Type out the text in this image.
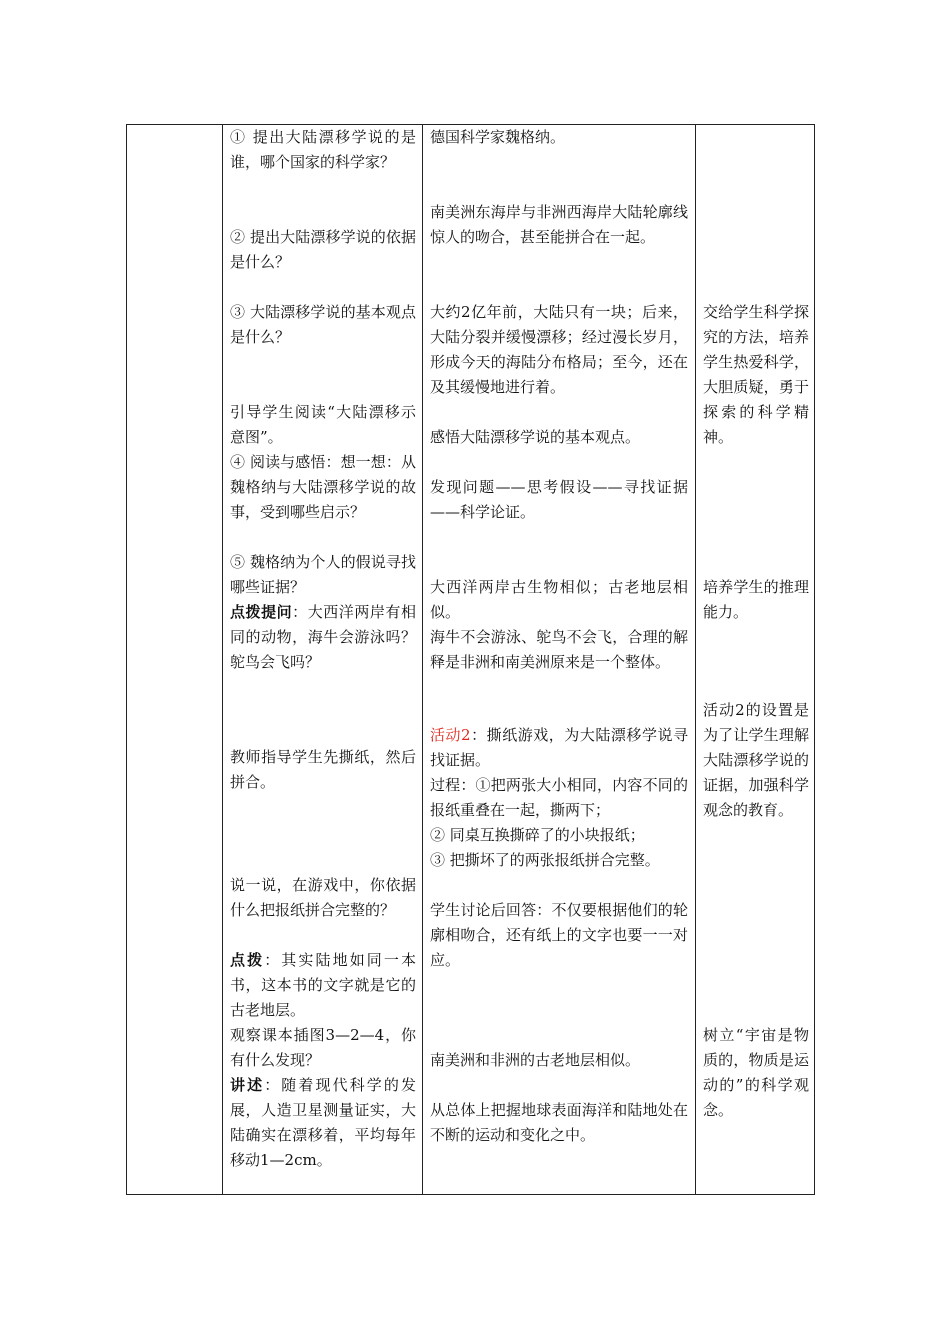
① 提出大陆漂移学说的是谁，哪个国家的科学家？

② 提出大陆漂移学说的依据是什么？

③ 大陆漂移学说的基本观点是什么？

引导学生阅读“大陆漂移示意图”。

④ 阅读与感悟：想一想：从魏格纳与大陆漂移学说的故事，受到哪些启示？

⑤ 魏格纳为个人的假说寻找哪些证据？

点拨提问：大西洋两岸有相同的动物，海牛会游泳吗？鸵鸟会飞吗？

教师指导学生先撕纸，然后拼合。

说一说，在游戏中，你依据什么把报纸拼合完整的？

点拨：其实陆地如同一本书，这本书的文字就是它的古老地层。

观察课本插图3—2—4，你有什么发现？

讲述：随着现代科学的发展，人造卫星测量证实，大陆确实在漂移着，平均每年移动1—2cm。

德国科学家魏格纳。

南美洲东海岸与非洲西海岸大陆轮廓线惊人的吻合，甚至能拼合在一起。

大约2亿年前，大陆只有一块；后来，大陆分裂并缓慢漂移；经过漫长岁月，形成今天的海陆分布格局；至今，还在及其缓慢地进行着。

感悟大陆漂移学说的基本观点。

发现问题——思考假设——寻找证据——科学论证。

大西洋两岸古生物相似；古老地层相似。

海牛不会游泳、鸵鸟不会飞，合理的解释是非洲和南美洲原来是一个整体。

活动2：撕纸游戏，为大陆漂移学说寻找证据。

过程：①把两张大小相同，内容不同的报纸重叠在一起，撕两下；

② 同桌互换撕碎了的小块报纸；

③ 把撕坏了的两张报纸拼合完整。

学生讨论后回答：不仅要根据他们的轮廓相吻合，还有纸上的文字也要一一对应。

南美洲和非洲的古老地层相似。

从总体上把握地球表面海洋和陆地处在不断的运动和变化之中。

交给学生科学探究的方法，培养学生热爱科学，大胆质疑，勇于探索的科学精神。

培养学生的推理能力。

活动2的设置是为了让学生理解大陆漂移学说的证据，加强科学观念的教育。

树立“宇宙是物质的，物质是运动的”的科学观念。
